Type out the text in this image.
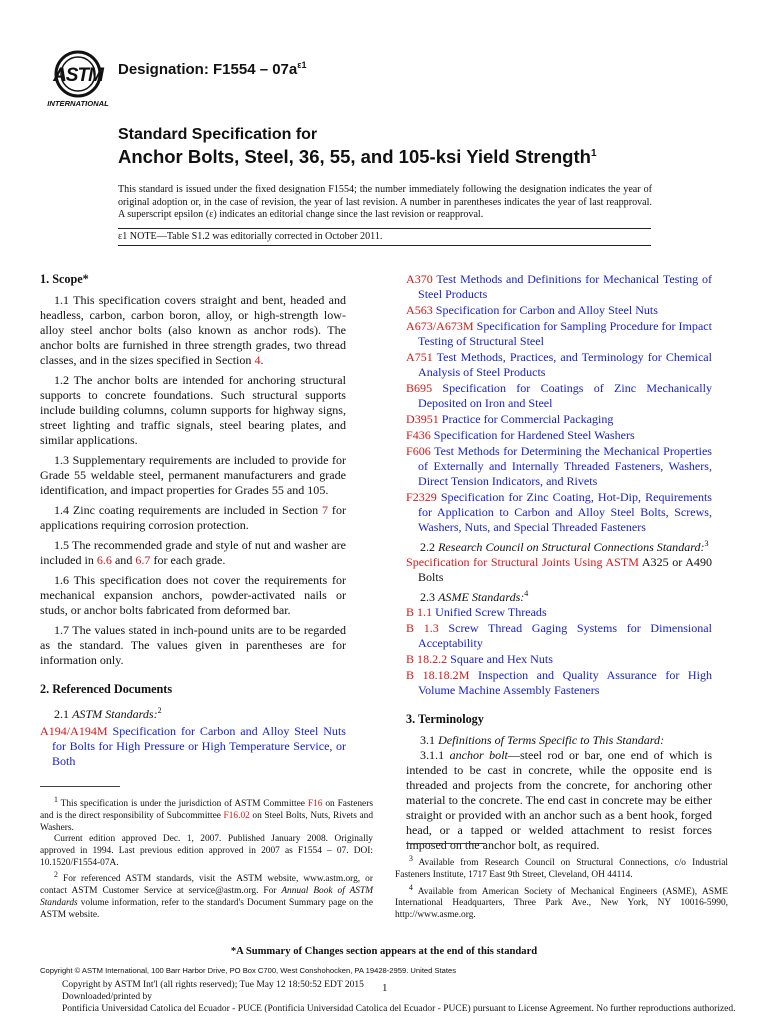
ASTM
INTERNATIONAL
Designation: $F1554 - 07a^{\varepsilon 1}$
Standard Specification for
Anchor Bolts, Steel, 36, 55, and 105-ksi Yield Strength$^1$
This standard is issued under the fixed designation F1554; the number immediately following the designation indicates the year of original adoption or, in the case of revision, the year of last revision. A number in parentheses indicates the year of last reapproval. A superscript epsilon (ε) indicates an editorial change since the last revision or reapproval.
ε1 NOTE—Table S1.2 was editorially corrected in October 2011.
1. Scope*

1.1 This specification covers straight and bent, headed and headless, carbon, carbon boron, alloy, or high-strength low-alloy steel anchor bolts (also known as anchor rods). The anchor bolts are furnished in three strength grades, two thread classes, and in the sizes specified in Section 4.

1.2 The anchor bolts are intended for anchoring structural supports to concrete foundations. Such structural supports include building columns, column supports for highway signs, street lighting and traffic signals, steel bearing plates, and similar applications.

1.3 Supplementary requirements are included to provide for Grade 55 weldable steel, permanent manufacturers and grade identification, and impact properties for Grades 55 and 105.

1.4 Zinc coating requirements are included in Section 7 for applications requiring corrosion protection.

1.5 The recommended grade and style of nut and washer are included in 6.6 and 6.7 for each grade.

1.6 This specification does not cover the requirements for mechanical expansion anchors, powder-activated nails or studs, or anchor bolts fabricated from deformed bar.

1.7 The values stated in inch-pound units are to be regarded as the standard. The values given in parentheses are for information only.

2. Referenced Documents

2.1 ASTM Standards:$^2$

A194/A194M Specification for Carbon and Alloy Steel Nuts for Bolts for High Pressure or High Temperature Service, or Both

A370 Test Methods and Definitions for Mechanical Testing of Steel Products

A563 Specification for Carbon and Alloy Steel Nuts

A673/A673M Specification for Sampling Procedure for Impact Testing of Structural Steel

A751 Test Methods, Practices, and Terminology for Chemical Analysis of Steel Products

B695 Specification for Coatings of Zinc Mechanically Deposited on Iron and Steel

D3951 Practice for Commercial Packaging

F436 Specification for Hardened Steel Washers

F606 Test Methods for Determining the Mechanical Properties of Externally and Internally Threaded Fasteners, Washers, Direct Tension Indicators, and Rivets

F2329 Specification for Zinc Coating, Hot-Dip, Requirements for Application to Carbon and Alloy Steel Bolts, Screws, Washers, Nuts, and Special Threaded Fasteners

2.2 Research Council on Structural Connections Standard:$^3$

Specification for Structural Joints Using ASTM A325 or A490 Bolts

2.3 ASME Standards:$^4$

B 1.1 Unified Screw Threads

B 1.3 Screw Thread Gaging Systems for Dimensional Acceptability

B 18.2.2 Square and Hex Nuts

B 18.18.2M Inspection and Quality Assurance for High Volume Machine Assembly Fasteners

3. Terminology

3.1 Definitions of Terms Specific to This Standard:

3.1.1 anchor bolt—steel rod or bar, one end of which is intended to be cast in concrete, while the opposite end is threaded and projects from the concrete, for anchoring other material to the concrete. The end cast in concrete may be either straight or provided with an anchor such as a bent hook, forged head, or a tapped or welded attachment to resist forces imposed on the anchor bolt, as required.

$^1$ This specification is under the jurisdiction of ASTM Committee F16 on Fasteners and is the direct responsibility of Subcommittee F16.02 on Steel Bolts, Nuts, Rivets and Washers.

Current edition approved Dec. 1, 2007. Published January 2008. Originally approved in 1994. Last previous edition approved in 2007 as F1554 – 07. DOI: 10.1520/F1554-07A.

$^2$ For referenced ASTM standards, visit the ASTM website, www.astm.org, or contact ASTM Customer Service at service@astm.org. For Annual Book of ASTM Standards volume information, refer to the standard's Document Summary page on the ASTM website.

$^3$ Available from Research Council on Structural Connections, c/o Industrial Fasteners Institute, 1717 East 9th Street, Cleveland, OH 44114.

$^4$ Available from American Society of Mechanical Engineers (ASME), ASME International Headquarters, Three Park Ave., New York, NY 10016-5990, http://www.asme.org.

*A Summary of Changes section appears at the end of this standard
Copyright © ASTM International, 100 Barr Harbor Drive, PO Box C700, West Conshohocken, PA 19428-2959. United States
Copyright by ASTM Int'l (all rights reserved); Tue May 12 18:50:52 EDT 2015
Downloaded/printed by
Pontificia Universidad Catolica del Ecuador - PUCE (Pontificia Universidad Catolica del Ecuador - PUCE) pursuant to License Agreement. No further reproductions authorized.
1
